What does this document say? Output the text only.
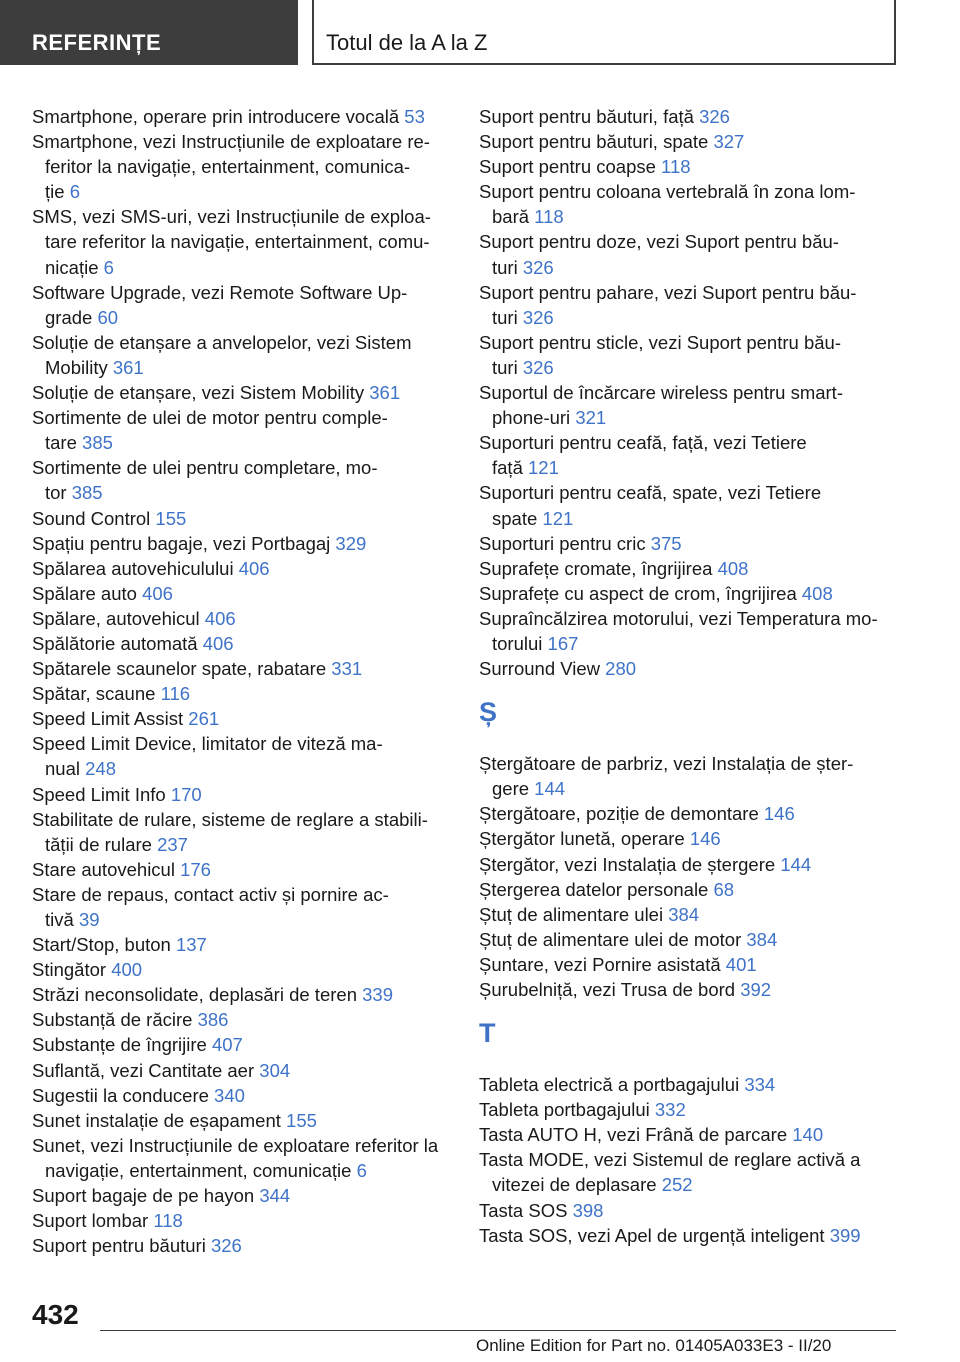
REFERINȚE	Totul de la A la Z
Smartphone, operare prin introducere vocală 53
Smartphone, vezi Instrucțiunile de exploatare re-
feritor la navigație, entertainment, comunica-
ție 6
SMS, vezi SMS-uri, vezi Instrucțiunile de exploa-
tare referitor la navigație, entertainment, comu-
nicație 6
Software Upgrade, vezi Remote Software Up-
grade 60
Soluție de etanșare a anvelopelor, vezi Sistem
Mobility 361
Soluție de etanșare, vezi Sistem Mobility 361
Sortimente de ulei de motor pentru comple-
tare 385
Sortimente de ulei pentru completare, mo-
tor 385
Sound Control 155
Spațiu pentru bagaje, vezi Portbagaj 329
Spălarea autovehiculului 406
Spălare auto 406
Spălare, autovehicul 406
Spălătorie automată 406
Spătarele scaunelor spate, rabatare 331
Spătar, scaune 116
Speed Limit Assist 261
Speed Limit Device, limitator de viteză ma-
nual 248
Speed Limit Info 170
Stabilitate de rulare, sisteme de reglare a stabili-
tății de rulare 237
Stare autovehicul 176
Stare de repaus, contact activ și pornire ac-
tivă 39
Start/Stop, buton 137
Stingător 400
Străzi neconsolidate, deplasări de teren 339
Substanță de răcire 386
Substanțe de îngrijire 407
Suflantă, vezi Cantitate aer 304
Sugestii la conducere 340
Sunet instalație de eșapament 155
Sunet, vezi Instrucțiunile de exploatare referitor la
navigație, entertainment, comunicație 6
Suport bagaje de pe hayon 344
Suport lombar 118
Suport pentru băuturi 326
Suport pentru băuturi, față 326
Suport pentru băuturi, spate 327
Suport pentru coapse 118
Suport pentru coloana vertebrală în zona lom-
bară 118
Suport pentru doze, vezi Suport pentru bău-
turi 326
Suport pentru pahare, vezi Suport pentru bău-
turi 326
Suport pentru sticle, vezi Suport pentru bău-
turi 326
Suportul de încărcare wireless pentru smart-
phone-uri 321
Suporturi pentru ceafă, față, vezi Tetiere
față 121
Suporturi pentru ceafă, spate, vezi Tetiere
spate 121
Suporturi pentru cric 375
Suprafețe cromate, îngrijirea 408
Suprafețe cu aspect de crom, îngrijirea 408
Supraîncălzirea motorului, vezi Temperatura mo-
torului 167
Surround View 280
Ș
Ștergătoare de parbriz, vezi Instalația de șter-
gere 144
Ștergătoare, poziție de demontare 146
Ștergător lunetă, operare 146
Ștergător, vezi Instalația de ștergere 144
Ștergerea datelor personale 68
Ștuț de alimentare ulei 384
Ștuț de alimentare ulei de motor 384
Șuntare, vezi Pornire asistată 401
Șurubelniță, vezi Trusa de bord 392
T
Tableta electrică a portbagajului 334
Tableta portbagajului 332
Tasta AUTO H, vezi Frână de parcare 140
Tasta MODE, vezi Sistemul de reglare activă a
vitezei de deplasare 252
Tasta SOS 398
Tasta SOS, vezi Apel de urgență inteligent 399
432
Online Edition for Part no. 01405A033E3 - II/20
